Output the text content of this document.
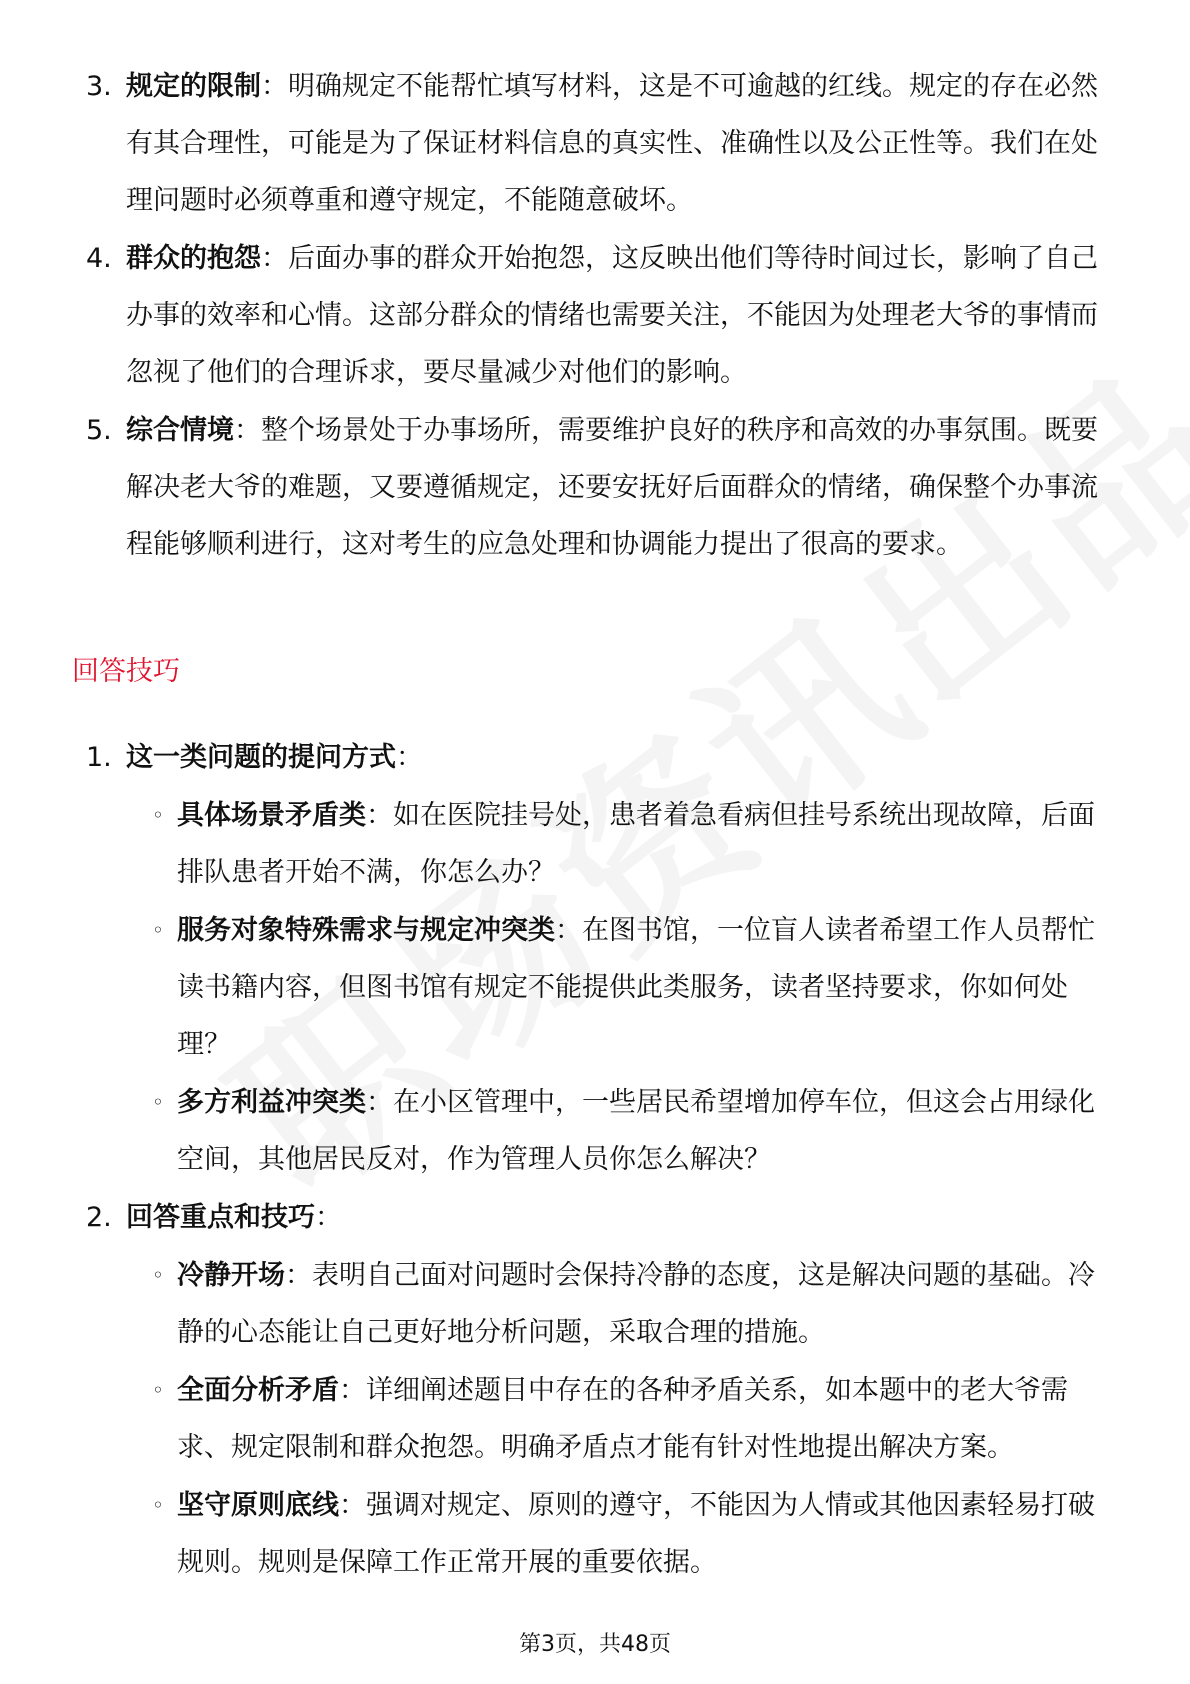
3. 规定的限制：明确规定不能帮忙填写材料，这是不可逾越的红线。规定的存在必然有其合理性，可能是为了保证材料信息的真实性、准确性以及公正性等。我们在处理问题时必须尊重和遵守规定，不能随意破坏。
4. 群众的抱怨：后面办事的群众开始抱怨，这反映出他们等待时间过长，影响了自己办事的效率和心情。这部分群众的情绪也需要关注，不能因为处理老大爷的事情而忽视了他们的合理诉求，要尽量减少对他们的影响。
5. 综合情境：整个场景处于办事场所，需要维护良好的秩序和高效的办事氛围。既要解决老大爷的难题，又要遵循规定，还要安抚好后面群众的情绪，确保整个办事流程能够顺利进行，这对考生的应急处理和协调能力提出了很高的要求。
回答技巧
1. 这一类问题的提问方式：
◦ 具体场景矛盾类：如在医院挂号处，患者着急看病但挂号系统出现故障，后面排队患者开始不满，你怎么办？
◦ 服务对象特殊需求与规定冲突类：在图书馆，一位盲人读者希望工作人员帮忙读书籍内容，但图书馆有规定不能提供此类服务，读者坚持要求，你如何处理？
◦ 多方利益冲突类：在小区管理中，一些居民希望增加停车位，但这会占用绿化空间，其他居民反对，作为管理人员你怎么解决？
2. 回答重点和技巧：
◦ 冷静开场：表明自己面对问题时会保持冷静的态度，这是解决问题的基础。冷静的心态能让自己更好地分析问题，采取合理的措施。
◦ 全面分析矛盾：详细阐述题目中存在的各种矛盾关系，如本题中的老大爷需求、规定限制和群众抱怨。明确矛盾点才能有针对性地提出解决方案。
◦ 坚守原则底线：强调对规定、原则的遵守，不能因为人情或其他因素轻易打破规则。规则是保障工作正常开展的重要依据。
第3页，共48页
